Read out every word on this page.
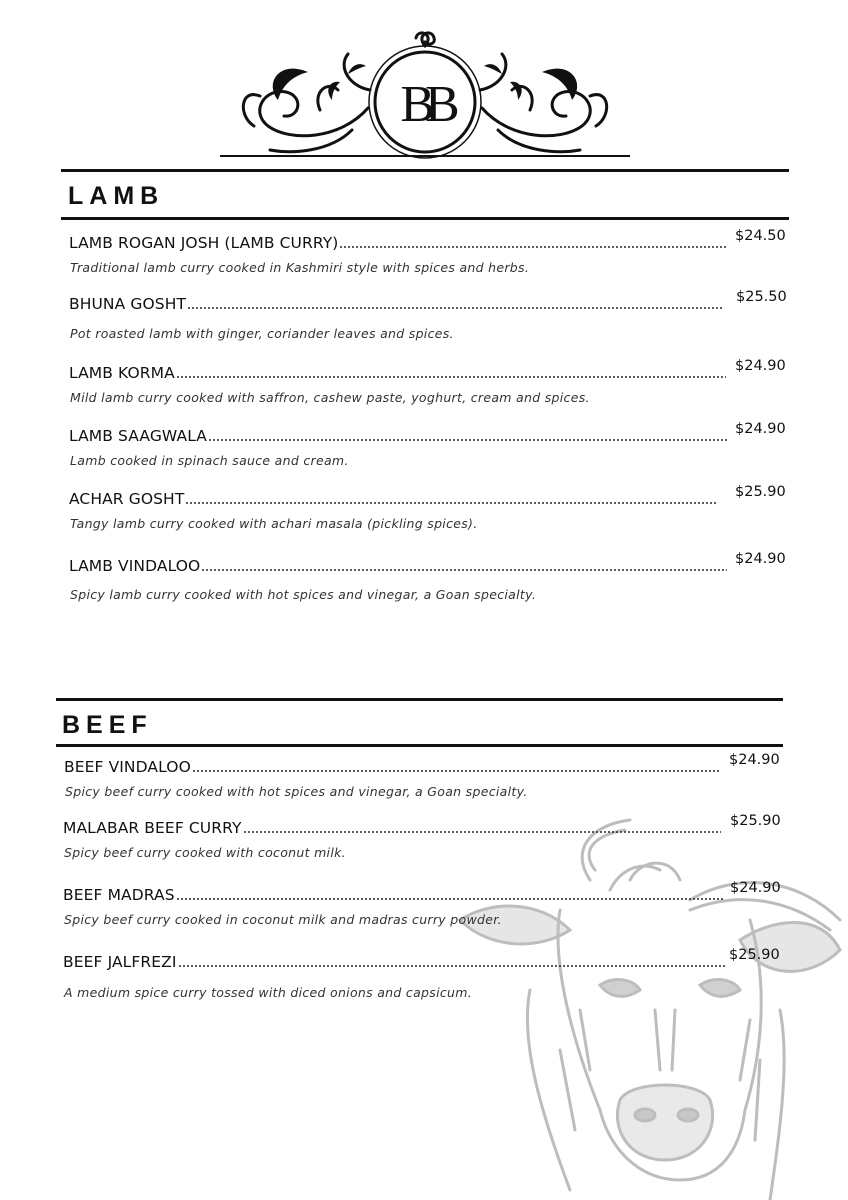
BB
LAMB
LAMB ROGAN JOSH (LAMB CURRY)	$24.50
Traditional lamb curry cooked in Kashmiri style with spices and herbs.
BHUNA GOSHT	$25.50
Pot roasted lamb with ginger, coriander leaves and spices.
LAMB KORMA	$24.90
Mild lamb curry cooked with saffron, cashew paste, yoghurt, cream and spices.
LAMB SAAGWALA	$24.90
Lamb cooked in spinach sauce and cream.
ACHAR GOSHT	$25.90
Tangy lamb curry cooked with achari masala (pickling spices).
LAMB VINDALOO	$24.90
Spicy lamb curry cooked with hot spices and vinegar, a Goan specialty.
BEEF
BEEF VINDALOO	$24.90
Spicy beef curry cooked with hot spices and vinegar, a Goan specialty.
MALABAR BEEF CURRY	$25.90
Spicy beef curry cooked with coconut milk.
BEEF MADRAS	$24.90
Spicy beef curry cooked in coconut milk and madras curry powder.
BEEF JALFREZI	$25.90
A medium spice curry tossed with diced onions and capsicum.
